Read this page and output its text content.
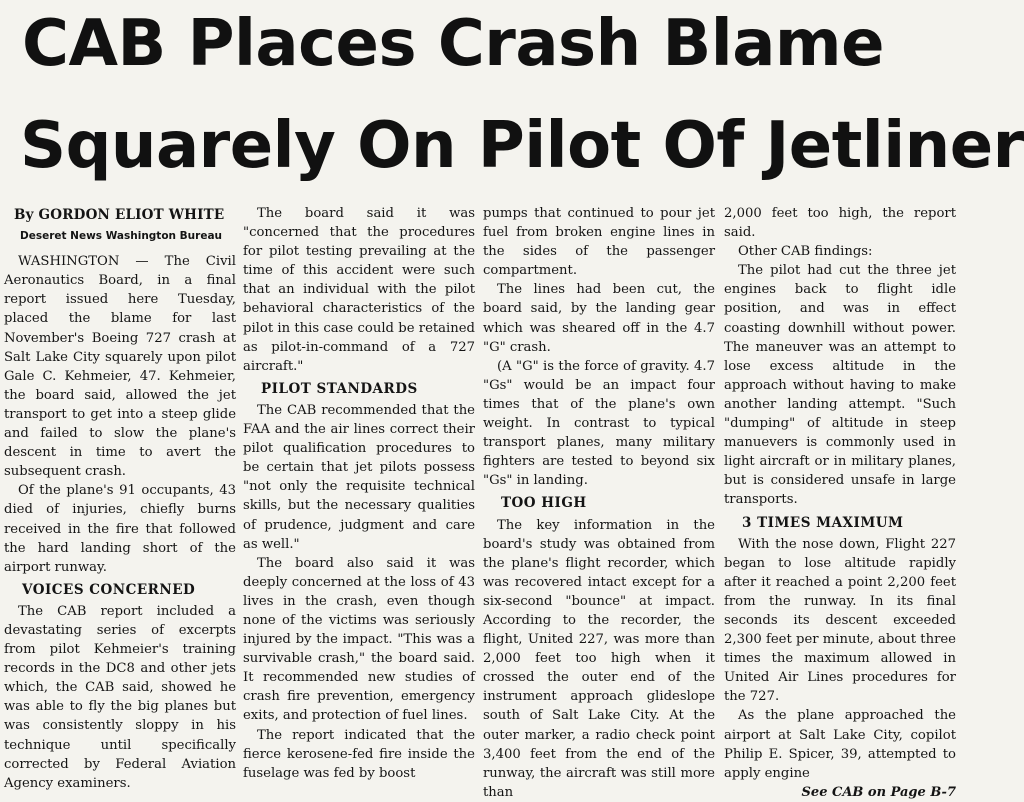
CAB Places Crash Blame
Squarely On Pilot Of Jetliner
By GORDON ELIOT WHITE
Deseret News Washington Bureau

WASHINGTON — The Civil Aeronautics Board, in a final report issued here Tuesday, placed the blame for last November's Boeing 727 crash at Salt Lake City squarely upon pilot Gale C. Kehmeier, 47. Kehmeier, the board said, allowed the jet transport to get into a steep glide and failed to slow the plane's descent in time to avert the subsequent crash.

Of the plane's 91 occupants, 43 died of injuries, chiefly burns received in the fire that followed the hard landing short of the airport runway.

VOICES CONCERNED

The CAB report included a devastating series of excerpts from pilot Kehmeier's training records in the DC8 and other jets which, the CAB said, showed he was able to fly the big planes but was consistently sloppy in his technique until specifically corrected by Federal Aviation Agency examiners.

The board said it was "concerned that the procedures for pilot testing prevailing at the time of this accident were such that an individual with the pilot behavioral characteristics of the pilot in this case could be retained as pilot-in-command of a 727 aircraft."

PILOT STANDARDS

The CAB recommended that the FAA and the air lines correct their pilot qualification procedures to be certain that jet pilots possess "not only the requisite technical skills, but the necessary qualities of prudence, judgment and care as well."

The board also said it was deeply concerned at the loss of 43 lives in the crash, even though none of the victims was seriously injured by the impact. "This was a survivable crash," the board said. It recommended new studies of crash fire prevention, emergency exits, and protection of fuel lines.

The report indicated that the fierce kerosene-fed fire inside the fuselage was fed by boost

pumps that continued to pour jet fuel from broken engine lines in the sides of the passenger compartment.

The lines had been cut, the board said, by the landing gear which was sheared off in the 4.7 "G" crash.

(A "G" is the force of gravity. 4.7 "Gs" would be an impact four times that of the plane's own weight. In contrast to typical transport planes, many military fighters are tested to beyond six "Gs" in landing.

TOO HIGH

The key information in the board's study was obtained from the plane's flight recorder, which was recovered intact except for a six-second "bounce" at impact. According to the recorder, the flight, United 227, was more than 2,000 feet too high when it crossed the outer end of the instrument approach glideslope south of Salt Lake City. At the outer marker, a radio check point 3,400 feet from the end of the runway, the aircraft was still more than

2,000 feet too high, the report said.

Other CAB findings:

The pilot had cut the three jet engines back to flight idle position, and was in effect coasting downhill without power. The maneuver was an attempt to lose excess altitude in the approach without having to make another landing attempt. "Such "dumping" of altitude in steep manuevers is commonly used in light aircraft or in military planes, but is considered unsafe in large transports.

3 TIMES MAXIMUM

With the nose down, Flight 227 began to lose altitude rapidly after it reached a point 2,200 feet from the runway. In its final seconds its descent exceeded 2,300 feet per minute, about three times the maximum allowed in United Air Lines procedures for the 727.

As the plane approached the airport at Salt Lake City, copilot Philip E. Spicer, 39, attempted to apply engine

See CAB on Page B-7
